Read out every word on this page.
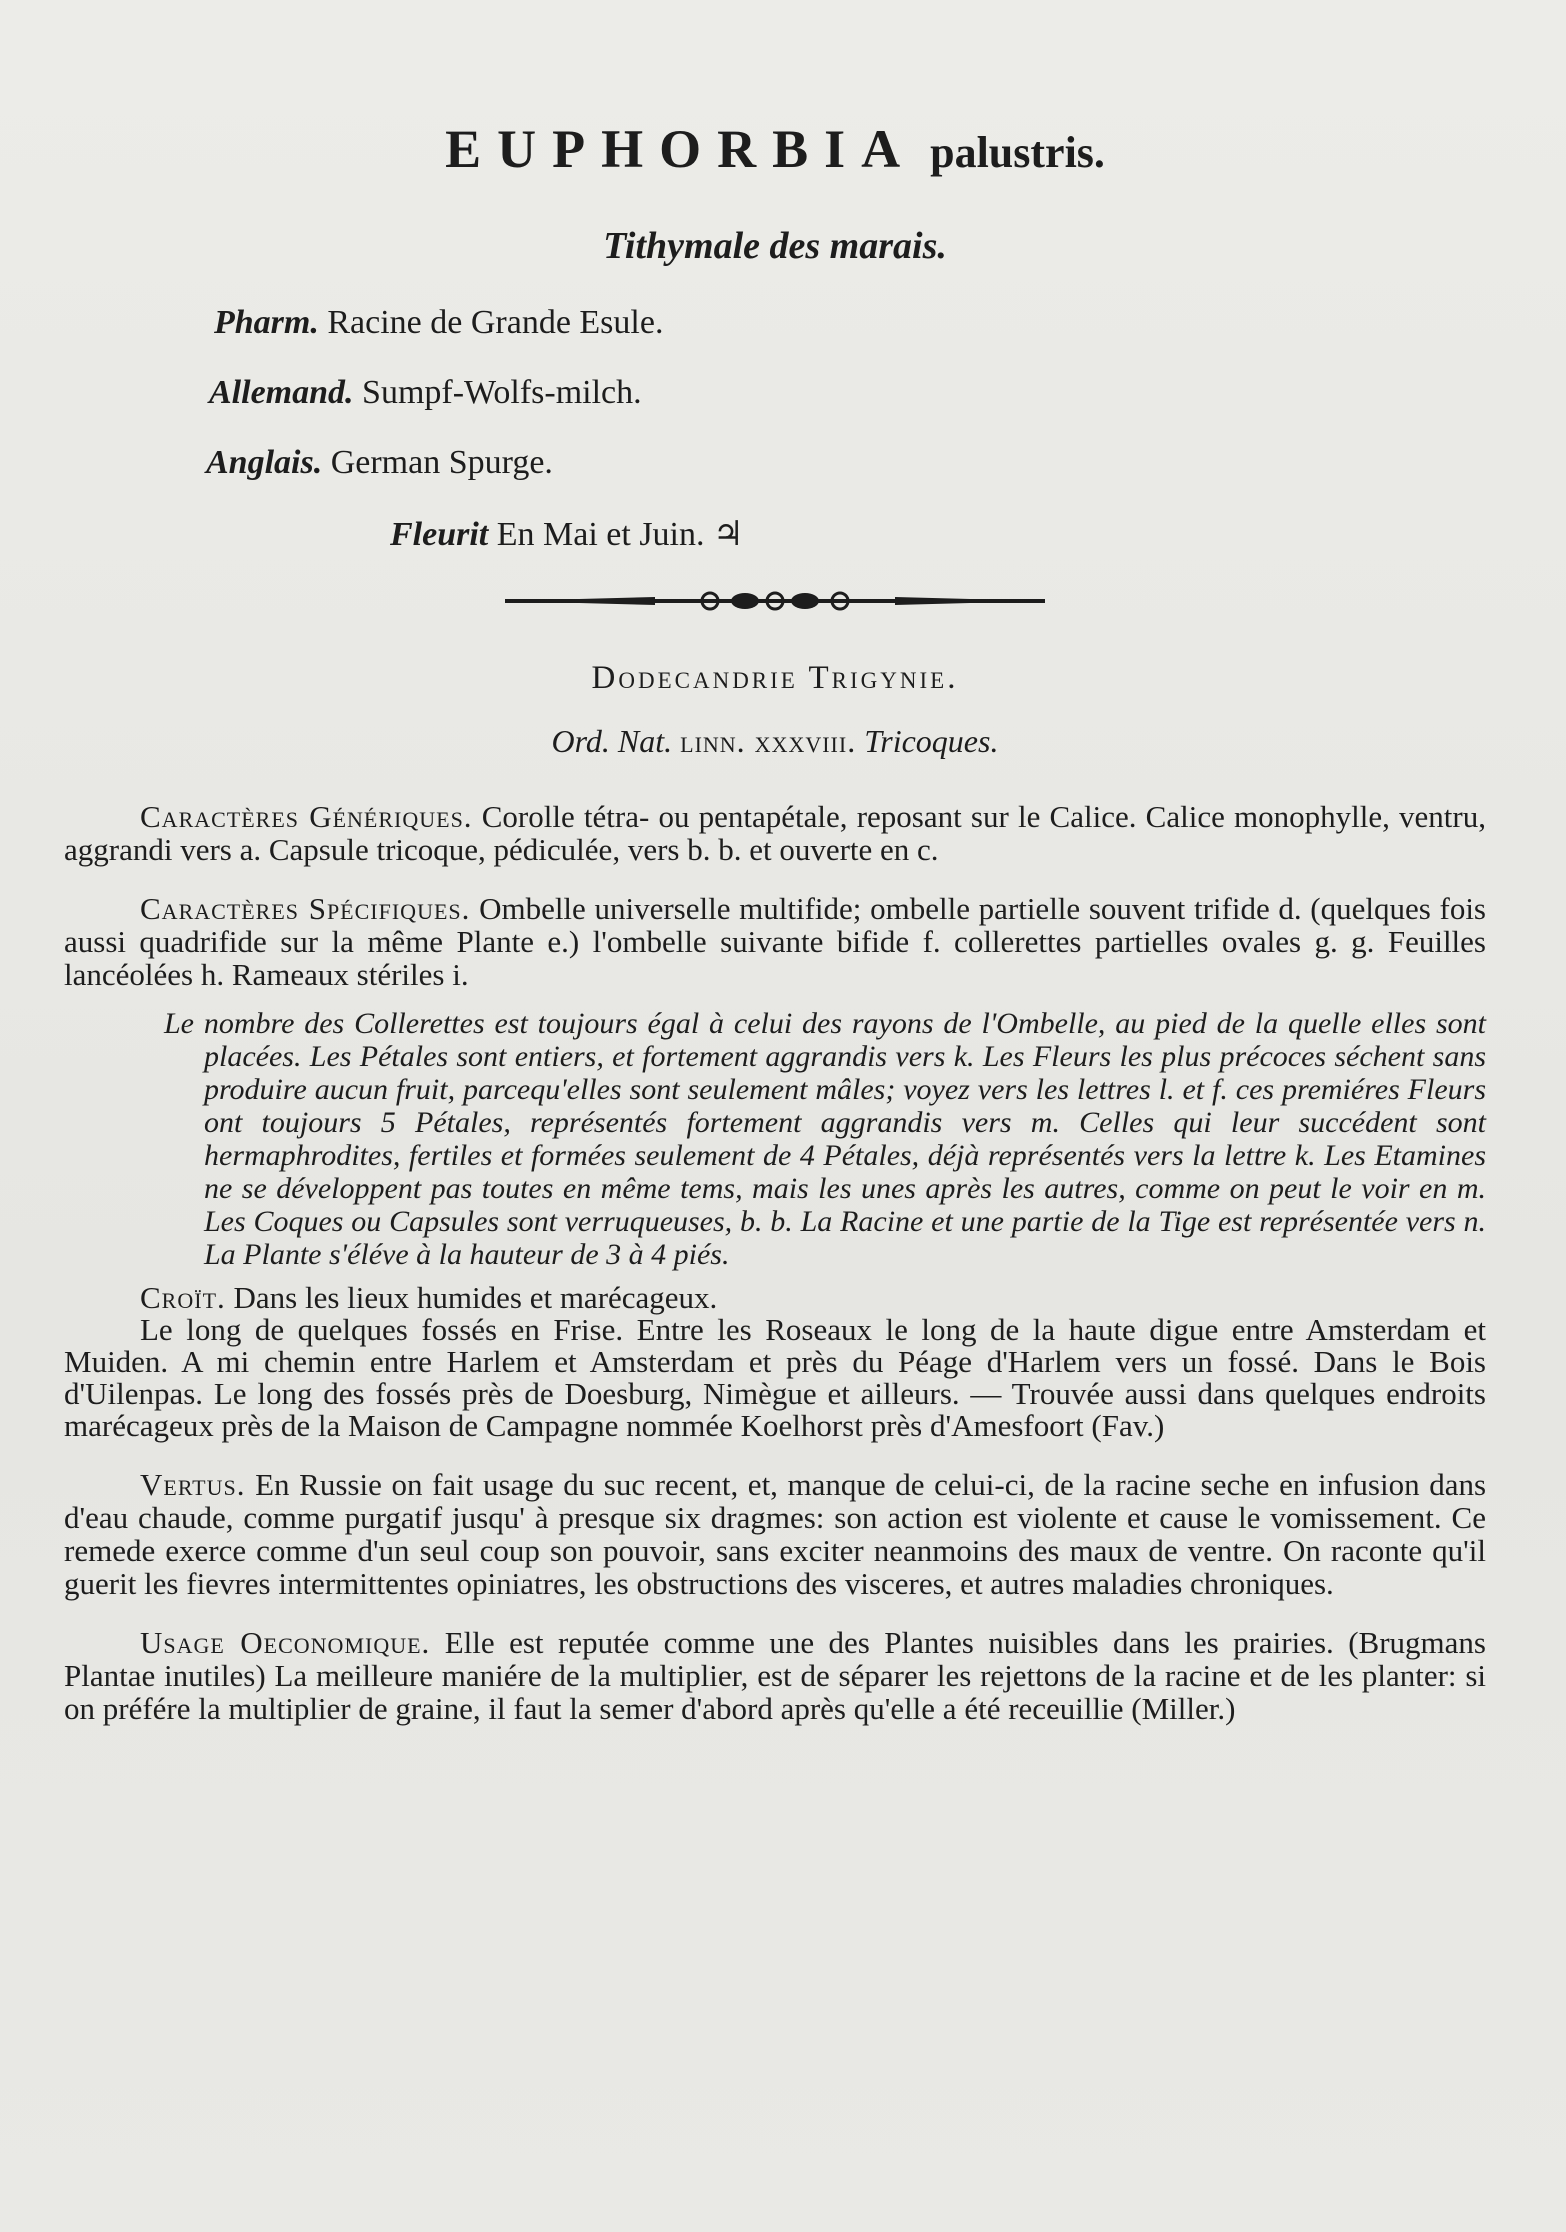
EUPHORBIA palustris.
Tithymale des marais.
Pharm. Racine de Grande Esule.
Allemand. Sumpf-Wolfs-milch.
Anglais. German Spurge.
Fleurit En Mai et Juin. ♃
Dodecandrie Trigynie.
Ord. Nat. linn. xxxviii. Tricoques.
Caractères Génériques. Corolle tétra- ou pentapétale, reposant sur le Calice. Calice monophylle, ventru, aggrandi vers a. Capsule tricoque, pédiculée, vers b. b. et ouverte en c.
Caractères Spécifiques. Ombelle universelle multifide; ombelle partielle souvent trifide d. (quelques fois aussi quadrifide sur la même Plante e.) l'ombelle suivante bifide f. collerettes partielles ovales g. g. Feuilles lancéolées h. Rameaux stériles i.
Le nombre des Collerettes est toujours égal à celui des rayons de l'Ombelle, au pied de la quelle elles sont placées. Les Pétales sont entiers, et fortement aggrandis vers k. Les Fleurs les plus précoces séchent sans produire aucun fruit, parcequ'elles sont seulement mâles; voyez vers les lettres l. et f. ces premiéres Fleurs ont toujours 5 Pétales, représentés fortement aggrandis vers m. Celles qui leur succédent sont hermaphrodites, fertiles et formées seulement de 4 Pétales, déjà représentés vers la lettre k. Les Etamines ne se développent pas toutes en même tems, mais les unes après les autres, comme on peut le voir en m. Les Coques ou Capsules sont verruqueuses, b. b. La Racine et une partie de la Tige est représentée vers n. La Plante s'éléve à la hauteur de 3 à 4 piés.
Croït. Dans les lieux humides et marécageux.
Le long de quelques fossés en Frise. Entre les Roseaux le long de la haute digue entre Amsterdam et Muiden. A mi chemin entre Harlem et Amsterdam et près du Péage d'Harlem vers un fossé. Dans le Bois d'Uilenpas. Le long des fossés près de Doesburg, Nimègue et ailleurs. — Trouvée aussi dans quelques endroits marécageux près de la Maison de Campagne nommée Koelhorst près d'Amesfoort (Fav.)
Vertus. En Russie on fait usage du suc recent, et, manque de celui-ci, de la racine seche en infusion dans d'eau chaude, comme purgatif jusqu' à presque six dragmes: son action est violente et cause le vomissement. Ce remede exerce comme d'un seul coup son pouvoir, sans exciter neanmoins des maux de ventre. On raconte qu'il guerit les fievres intermittentes opiniatres, les obstructions des visceres, et autres maladies chroniques.
Usage Oeconomique. Elle est reputée comme une des Plantes nuisibles dans les prairies. (Brugmans Plantae inutiles) La meilleure maniére de la multiplier, est de séparer les rejettons de la racine et de les planter: si on préfére la multiplier de graine, il faut la semer d'abord après qu'elle a été receuillie (Miller.)
